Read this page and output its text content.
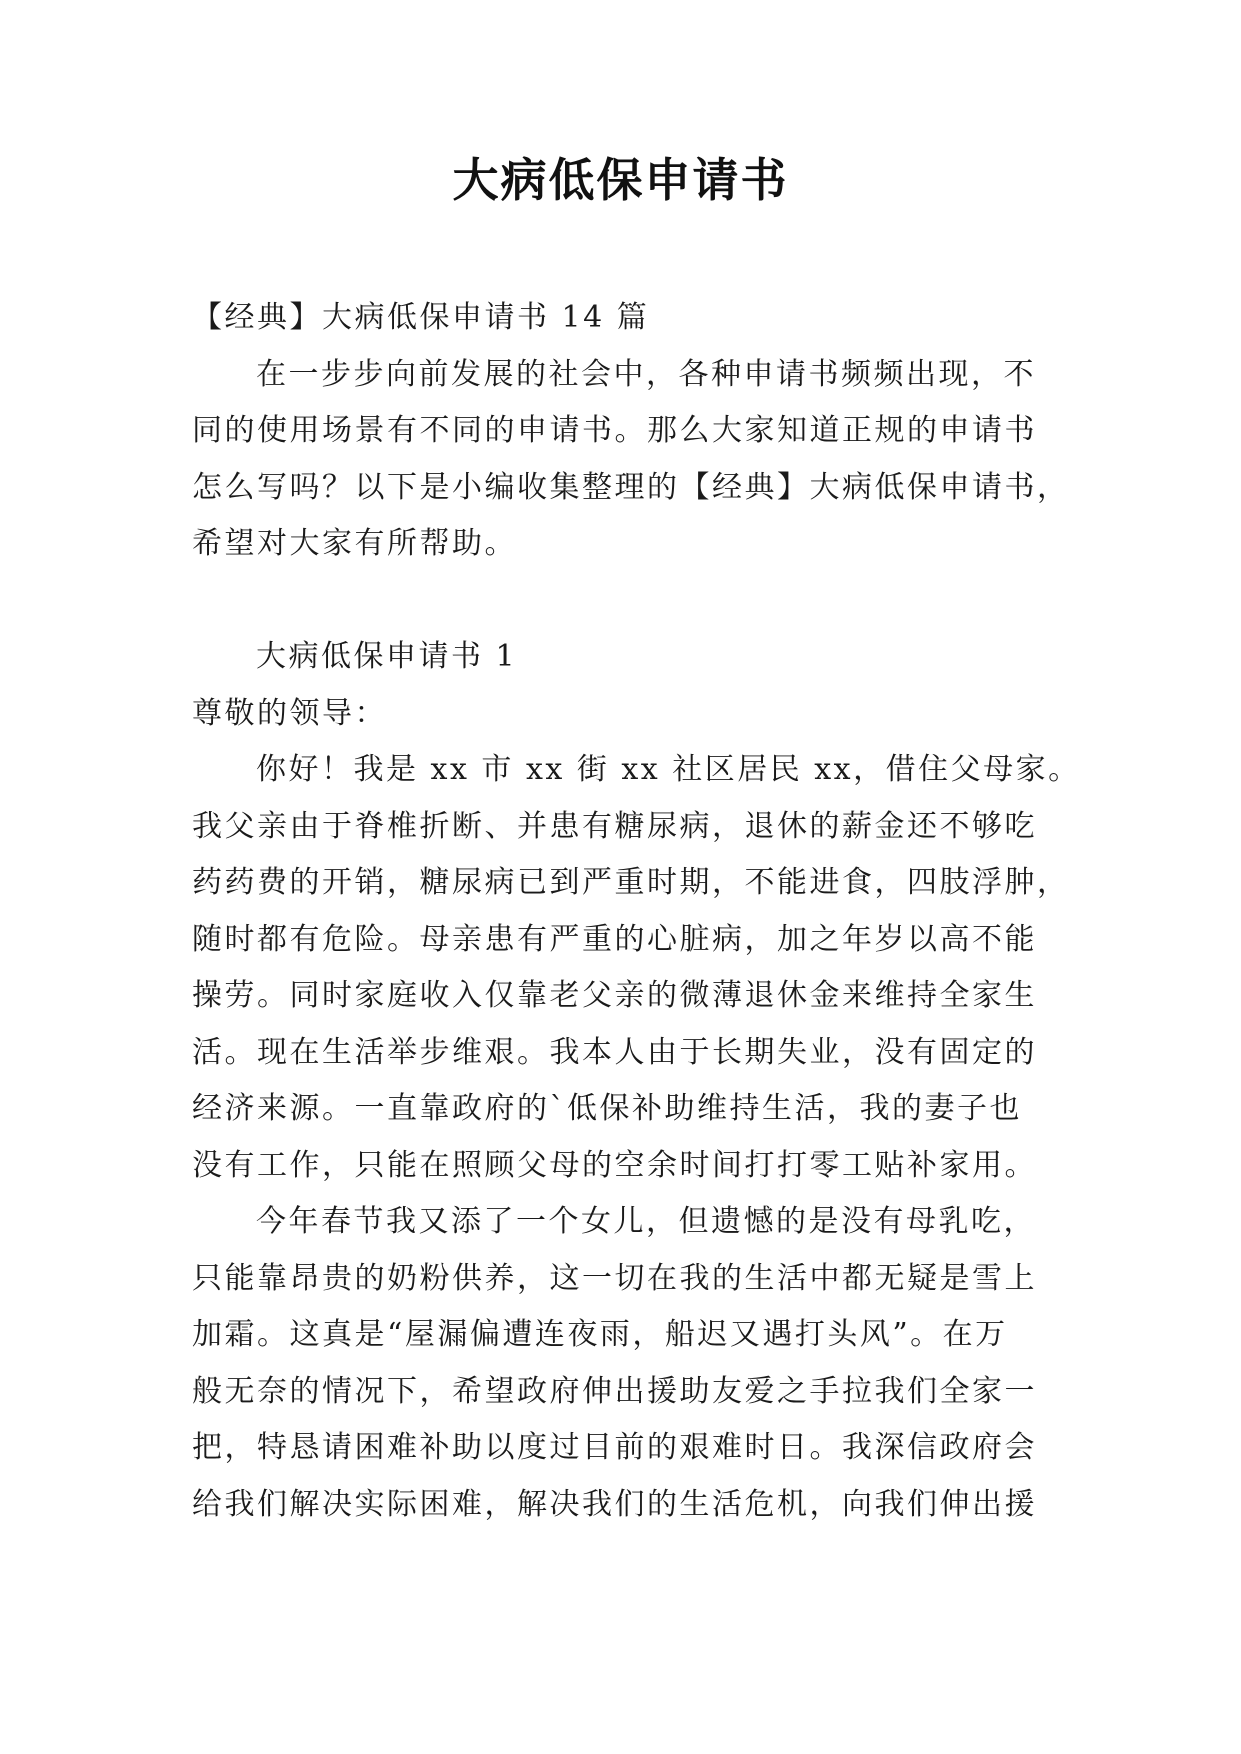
大病低保申请书
【经典】大病低保申请书 14 篇
在一步步向前发展的社会中，各种申请书频频出现，不
同的使用场景有不同的申请书。那么大家知道正规的申请书
怎么写吗？以下是小编收集整理的【经典】大病低保申请书，
希望对大家有所帮助。
大病低保申请书 1
尊敬的领导：
你好！我是 xx 市 xx 街 xx 社区居民 xx，借住父母家。
我父亲由于脊椎折断、并患有糖尿病，退休的薪金还不够吃
药药费的开销，糖尿病已到严重时期，不能进食，四肢浮肿，
随时都有危险。母亲患有严重的心脏病，加之年岁以高不能
操劳。同时家庭收入仅靠老父亲的微薄退休金来维持全家生
活。现在生活举步维艰。我本人由于长期失业，没有固定的
经济来源。一直靠政府的`低保补助维持生活，我的妻子也
没有工作，只能在照顾父母的空余时间打打零工贴补家用。
今年春节我又添了一个女儿，但遗憾的是没有母乳吃，
只能靠昂贵的奶粉供养，这一切在我的生活中都无疑是雪上
加霜。这真是“屋漏偏遭连夜雨，船迟又遇打头风”。在万
般无奈的情况下，希望政府伸出援助友爱之手拉我们全家一
把，特恳请困难补助以度过目前的艰难时日。我深信政府会
给我们解决实际困难，解决我们的生活危机，向我们伸出援
